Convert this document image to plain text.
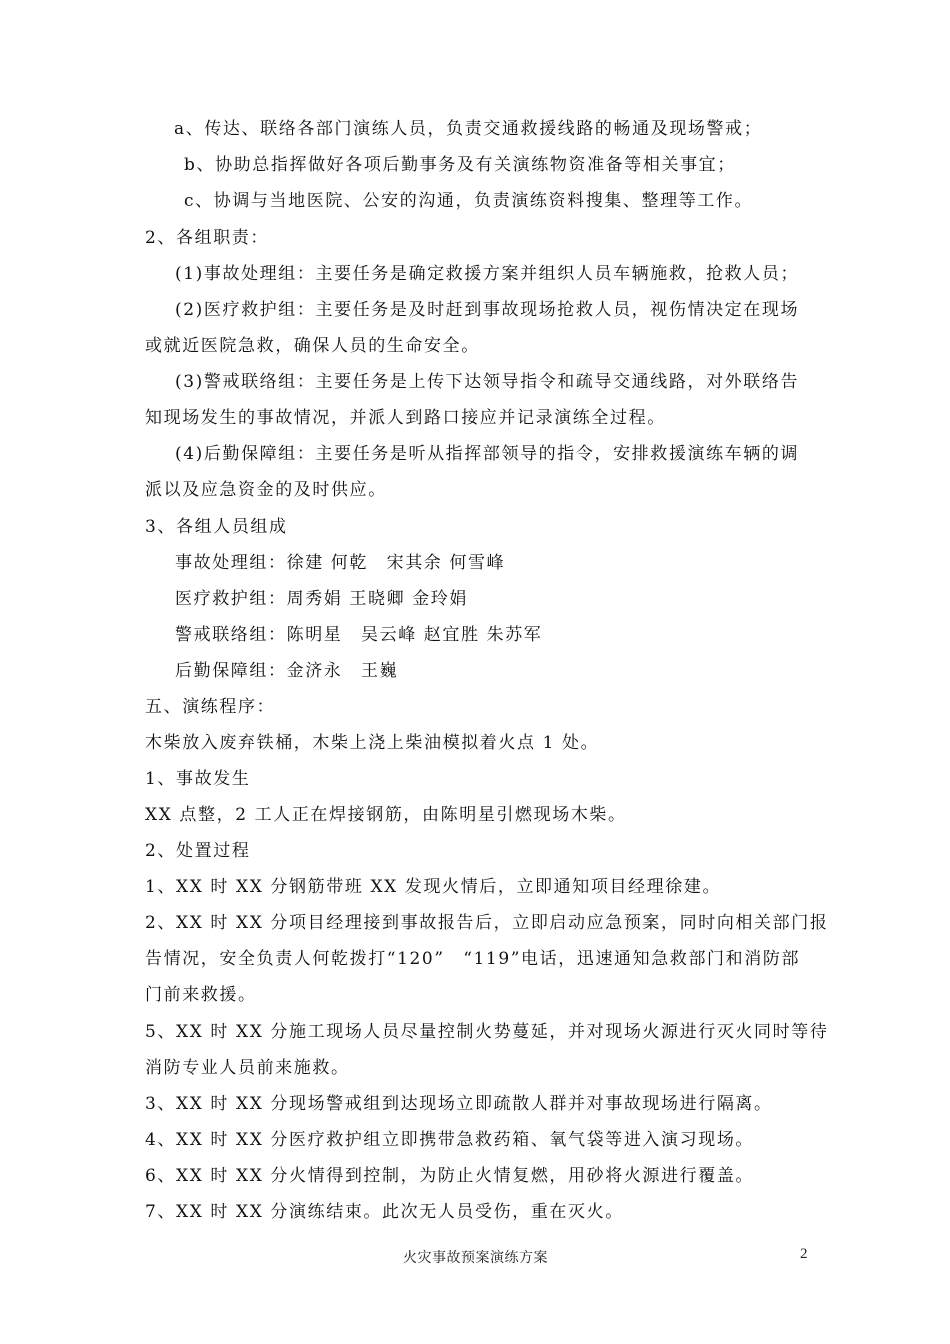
a、传达、联络各部门演练人员，负责交通救援线路的畅通及现场警戒；
b、协助总指挥做好各项后勤事务及有关演练物资准备等相关事宜；
c、协调与当地医院、公安的沟通，负责演练资料搜集、整理等工作。
2、各组职责：
(1)事故处理组：主要任务是确定救援方案并组织人员车辆施救，抢救人员；
(2)医疗救护组：主要任务是及时赶到事故现场抢救人员，视伤情决定在现场
或就近医院急救，确保人员的生命安全。
(3)警戒联络组：主要任务是上传下达领导指令和疏导交通线路，对外联络告
知现场发生的事故情况，并派人到路口接应并记录演练全过程。
(4)后勤保障组：主要任务是听从指挥部领导的指令，安排救援演练车辆的调
派以及应急资金的及时供应。
3、各组人员组成
事故处理组：徐建 何乾　宋其余 何雪峰
医疗救护组：周秀娟 王晓卿 金玲娟
警戒联络组：陈明星　吴云峰 赵宜胜 朱苏军
后勤保障组：金济永　王巍
五、演练程序：
木柴放入废弃铁桶，木柴上浇上柴油模拟着火点 1 处。
1、事故发生
XX 点整，2 工人正在焊接钢筋，由陈明星引燃现场木柴。
2、处置过程
1、XX 时 XX 分钢筋带班 XX 发现火情后，立即通知项目经理徐建。
2、XX 时 XX 分项目经理接到事故报告后，立即启动应急预案，同时向相关部门报
告情况，安全负责人何乾拨打“120”　“119”电话，迅速通知急救部门和消防部
门前来救援。
5、XX 时 XX 分施工现场人员尽量控制火势蔓延，并对现场火源进行灭火同时等待
消防专业人员前来施救。
3、XX 时 XX 分现场警戒组到达现场立即疏散人群并对事故现场进行隔离。
4、XX 时 XX 分医疗救护组立即携带急救药箱、氧气袋等进入演习现场。
6、XX 时 XX 分火情得到控制，为防止火情复燃，用砂将火源进行覆盖。
7、XX 时 XX 分演练结束。此次无人员受伤，重在灭火。
火灾事故预案演练方案	2
